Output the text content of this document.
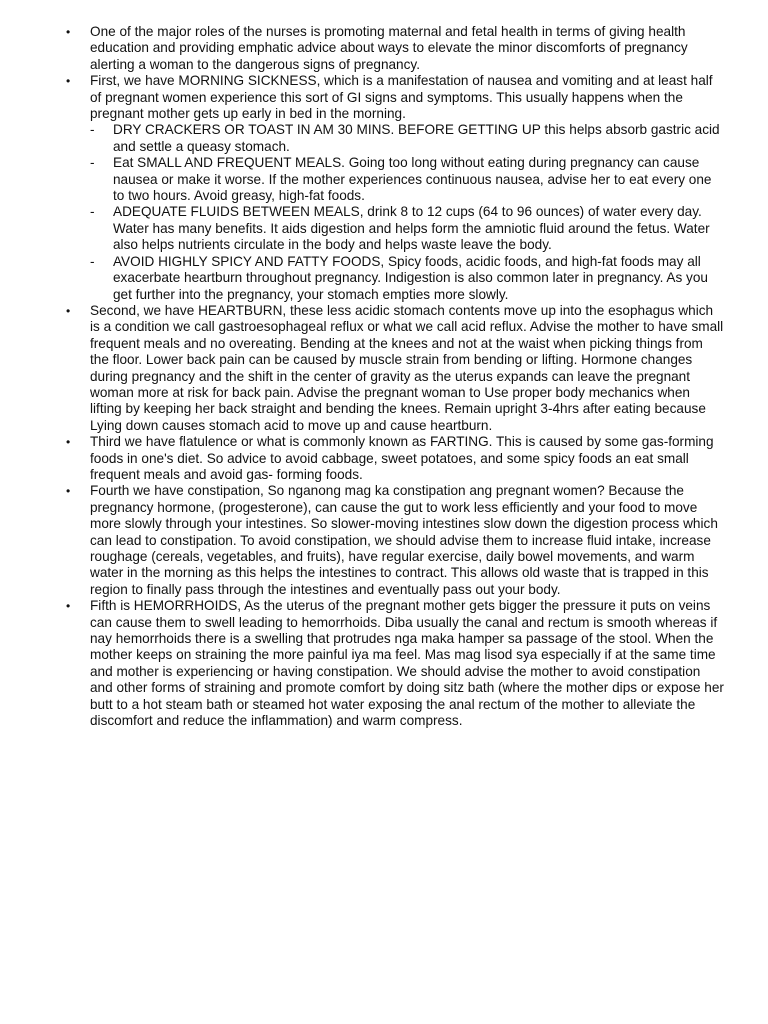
• One of the major roles of the nurses is promoting maternal and fetal health in terms of giving health education and providing emphatic advice about ways to elevate the minor discomforts of pregnancy alerting a woman to the dangerous signs of pregnancy.
• First, we have MORNING SICKNESS, which is a manifestation of nausea and vomiting and at least half of pregnant women experience this sort of GI signs and symptoms. This usually happens when the pregnant mother gets up early in bed in the morning.
- DRY CRACKERS OR TOAST IN AM 30 MINS. BEFORE GETTING UP this helps absorb gastric acid and settle a queasy stomach.
- Eat SMALL AND FREQUENT MEALS. Going too long without eating during pregnancy can cause nausea or make it worse. If the mother experiences continuous nausea, advise her to eat every one to two hours. Avoid greasy, high-fat foods.
- ADEQUATE FLUIDS BETWEEN MEALS, drink 8 to 12 cups (64 to 96 ounces) of water every day. Water has many benefits. It aids digestion and helps form the amniotic fluid around the fetus. Water also helps nutrients circulate in the body and helps waste leave the body.
- AVOID HIGHLY SPICY AND FATTY FOODS, Spicy foods, acidic foods, and high-fat foods may all exacerbate heartburn throughout pregnancy. Indigestion is also common later in pregnancy. As you get further into the pregnancy, your stomach empties more slowly.
• Second, we have HEARTBURN, these less acidic stomach contents move up into the esophagus which is a condition we call gastroesophageal reflux or what we call acid reflux. Advise the mother to have small frequent meals and no overeating. Bending at the knees and not at the waist when picking things from the floor. Lower back pain can be caused by muscle strain from bending or lifting. Hormone changes during pregnancy and the shift in the center of gravity as the uterus expands can leave the pregnant woman more at risk for back pain. Advise the pregnant woman to Use proper body mechanics when lifting by keeping her back straight and bending the knees. Remain upright 3-4hrs after eating because Lying down causes stomach acid to move up and cause heartburn.
• Third we have flatulence or what is commonly known as FARTING. This is caused by some gas-forming foods in one's diet. So advice to avoid cabbage, sweet potatoes, and some spicy foods an eat small frequent meals and avoid gas- forming foods.
• Fourth we have constipation, So nganong mag ka constipation ang pregnant women? Because the pregnancy hormone, (progesterone), can cause the gut to work less efficiently and your food to move more slowly through your intestines. So slower-moving intestines slow down the digestion process which can lead to constipation. To avoid constipation, we should advise them to increase fluid intake, increase roughage (cereals, vegetables, and fruits), have regular exercise, daily bowel movements, and warm water in the morning as this helps the intestines to contract. This allows old waste that is trapped in this region to finally pass through the intestines and eventually pass out your body.
• Fifth is HEMORRHOIDS, As the uterus of the pregnant mother gets bigger the pressure it puts on veins can cause them to swell leading to hemorrhoids. Diba usually the canal and rectum is smooth whereas if nay hemorrhoids there is a swelling that protrudes nga maka hamper sa passage of the stool. When the mother keeps on straining the more painful iya ma feel. Mas mag lisod sya especially if at the same time and mother is experiencing or having constipation. We should advise the mother to avoid constipation and other forms of straining and promote comfort by doing sitz bath (where the mother dips or expose her butt to a hot steam bath or steamed hot water exposing the anal rectum of the mother to alleviate the discomfort and reduce the inflammation) and warm compress.
